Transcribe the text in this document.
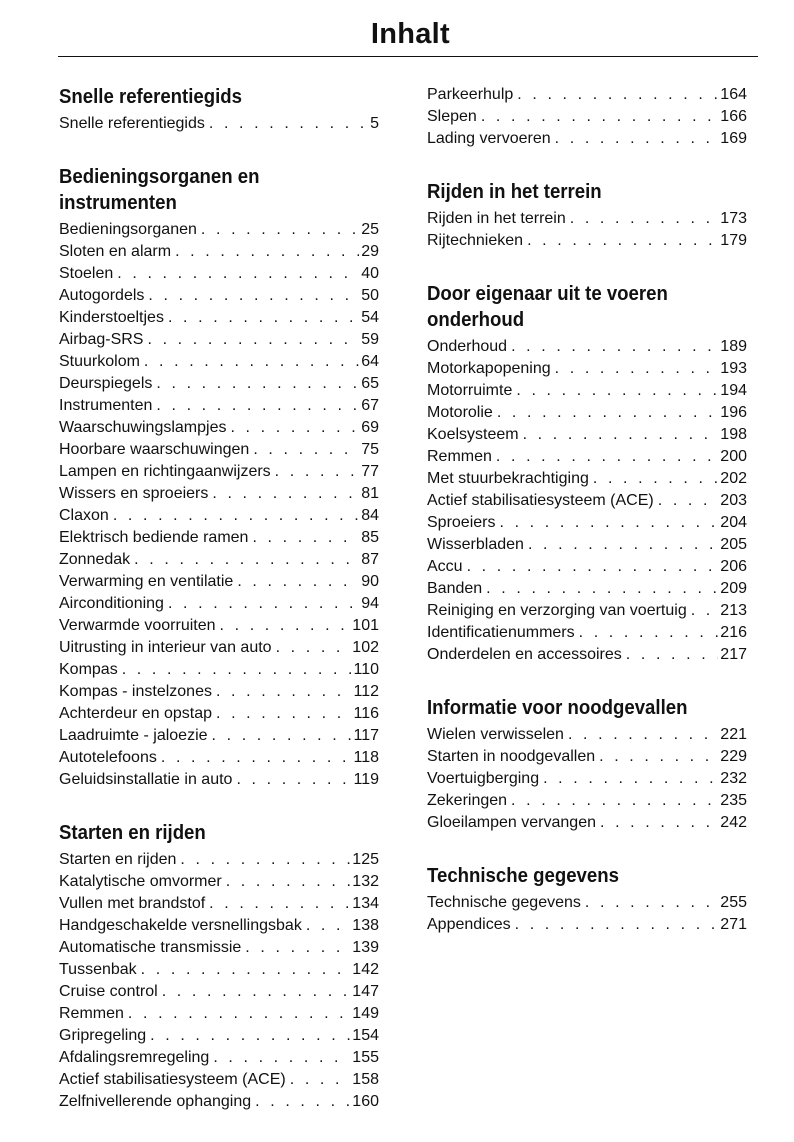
Inhalt
Snelle referentiegids
Snelle referentiegids . . .	5
Bedieningsorganen en instrumenten
Bedieningsorganen . . .	25
Sloten en alarm . . .	29
Stoelen . . .	40
Autogordels . . .	50
Kinderstoeltjes . . .	54
Airbag-SRS . . .	59
Stuurkolom . . .	64
Deurspiegels . . .	65
Instrumenten . . .	67
Waarschuwingslampjes . . .	69
Hoorbare waarschuwingen . . .	75
Lampen en richtingaanwijzers . . .	77
Wissers en sproeiers . . .	81
Claxon . . .	84
Elektrisch bediende ramen . . .	85
Zonnedak . . .	87
Verwarming en ventilatie . . .	90
Airconditioning . . .	94
Verwarmde voorruiten . . .	101
Uitrusting in interieur van auto . . .	102
Kompas . . .	110
Kompas - instelzones . . .	112
Achterdeur en opstap . . .	116
Laadruimte - jaloezie . . .	117
Autotelefoons . . .	118
Geluidsinstallatie in auto . . .	119
Starten en rijden
Starten en rijden . . .	125
Katalytische omvormer . . .	132
Vullen met brandstof . . .	134
Handgeschakelde versnellingsbak . . .	138
Automatische transmissie . . .	139
Tussenbak . . .	142
Cruise control . . .	147
Remmen . . .	149
Gripregeling . . .	154
Afdalingsremregeling . . .	155
Actief stabilisatiesysteem (ACE) . . .	158
Zelfnivellerende ophanging . . .	160
Parkeerhulp . . .	164
Slepen . . .	166
Lading vervoeren . . .	169
Rijden in het terrein
Rijden in het terrein . . .	173
Rijtechnieken . . .	179
Door eigenaar uit te voeren onderhoud
Onderhoud . . .	189
Motorkapopening . . .	193
Motorruimte . . .	194
Motorolie . . .	196
Koelsysteem . . .	198
Remmen . . .	200
Met stuurbekrachtiging . . .	202
Actief stabilisatiesysteem (ACE) . . .	203
Sproeiers . . .	204
Wisserbladen . . .	205
Accu . . .	206
Banden . . .	209
Reiniging en verzorging van voertuig . . . 213
Identificatienummers . . .	216
Onderdelen en accessoires . . .	217
Informatie voor noodgevallen
Wielen verwisselen . . .	221
Starten in noodgevallen . . .	229
Voertuigberging . . .	232
Zekeringen . . .	235
Gloeilampen vervangen . . .	242
Technische gegevens
Technische gegevens . . .	255
Appendices . . .	271
